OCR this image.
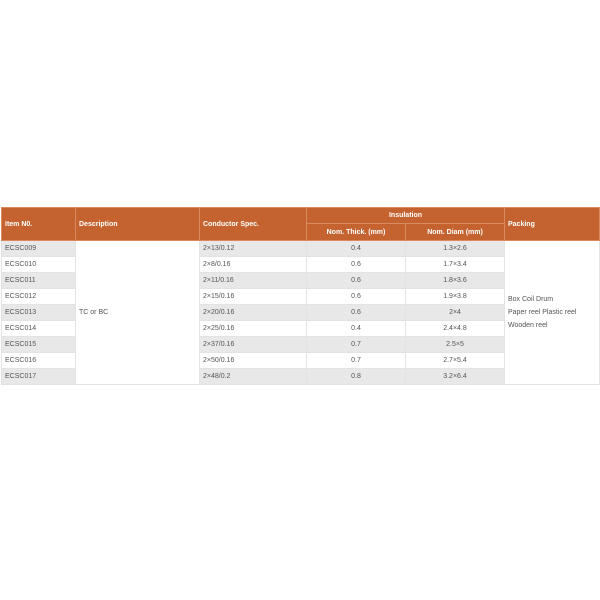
Item N0.	Description	Conductor Spec.	Insulation		Packing
			Nom. Thick. (mm)	Nom. Diam (mm)	
ECSC009	TC or BC	2×13/0.12	0.4	1.3×2.6	Box Coil Drum
Paper reel Plastic reel
Wooden reel

ECSC010		2×8/0.16	0.6	1.7×3.4	
ECSC011		2×11/0.16	0.6	1.8×3.6	
ECSC012		2×15/0.16	0.6	1.9×3.8	
ECSC013		2×20/0.16	0.6	2×4	
ECSC014		2×25/0.16	0.4	2.4×4.8	
ECSC015		2×37/0.16	0.7	2.5×5	
ECSC016		2×50/0.16	0.7	2.7×5.4	
ECSC017		2×48/0.2	0.8	3.2×6.4	
